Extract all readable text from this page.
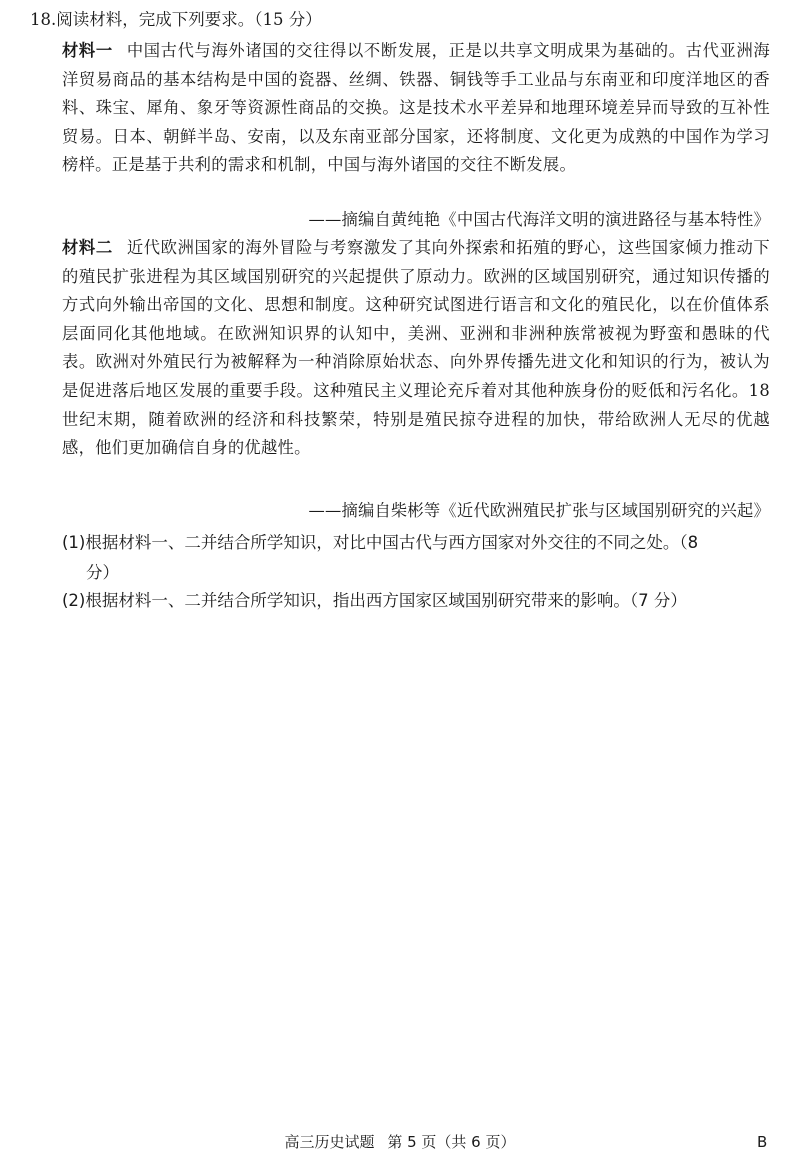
18.阅读材料，完成下列要求。（15 分）
材料一 中国古代与海外诸国的交往得以不断发展，正是以共享文明成果为基础的。古代亚洲海洋贸易商品的基本结构是中国的瓷器、丝绸、铁器、铜钱等手工业品与东南亚和印度洋地区的香料、珠宝、犀角、象牙等资源性商品的交换。这是技术水平差异和地理环境差异而导致的互补性贸易。日本、朝鲜半岛、安南，以及东南亚部分国家，还将制度、文化更为成熟的中国作为学习榜样。正是基于共利的需求和机制，中国与海外诸国的交往不断发展。
——摘编自黄纯艳《中国古代海洋文明的演进路径与基本特性》
材料二 近代欧洲国家的海外冒险与考察激发了其向外探索和拓殖的野心，这些国家倾力推动下的殖民扩张进程为其区域国别研究的兴起提供了原动力。欧洲的区域国别研究，通过知识传播的方式向外输出帝国的文化、思想和制度。这种研究试图进行语言和文化的殖民化，以在价值体系层面同化其他地域。在欧洲知识界的认知中，美洲、亚洲和非洲种族常被视为野蛮和愚昧的代表。欧洲对外殖民行为被解释为一种消除原始状态、向外界传播先进文化和知识的行为，被认为是促进落后地区发展的重要手段。这种殖民主义理论充斥着对其他种族身份的贬低和污名化。18 世纪末期，随着欧洲的经济和科技繁荣，特别是殖民掠夺进程的加快，带给欧洲人无尽的优越感，他们更加确信自身的优越性。
——摘编自柴彬等《近代欧洲殖民扩张与区域国别研究的兴起》
(1)根据材料一、二并结合所学知识，对比中国古代与西方国家对外交往的不同之处。（8
分）
(2)根据材料一、二并结合所学知识，指出西方国家区域国别研究带来的影响。（7 分）
高三历史试题 第 5 页（共 6 页）	B
